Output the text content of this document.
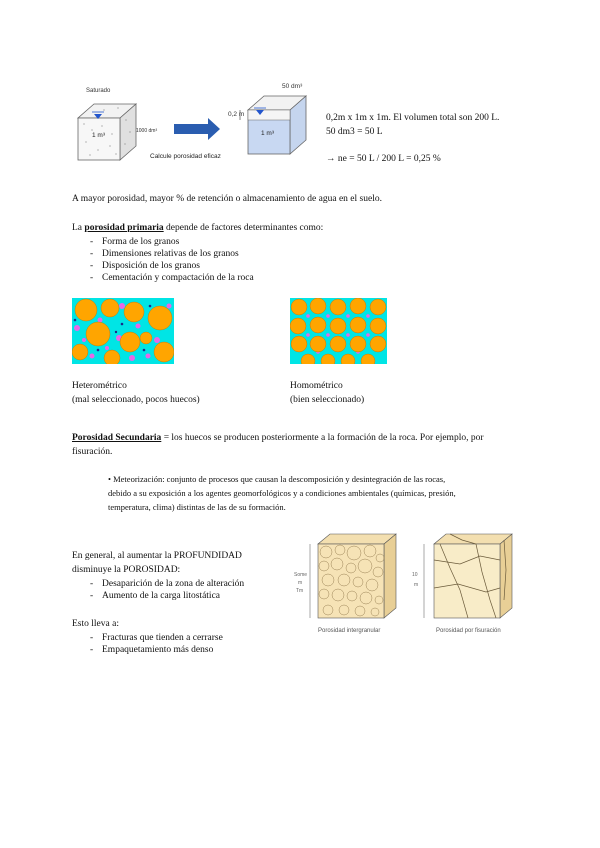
Saturado
1 m³
1000 dm³
Calcule porosidad eficaz
50 dm³
0,2 m
1 m³
0,2m x 1m x 1m. El volumen total son 200 L.
50 dm3 = 50 L
→ ne = 50 L / 200 L = 0,25 %
A mayor porosidad, mayor % de retención o almacenamiento de agua en el suelo.
La porosidad primaria depende de factores determinantes como:
- Forma de los granos
- Dimensiones relativas de los granos
- Disposición de los granos
- Cementación y compactación de la roca
Heterométrico
(mal seleccionado, pocos huecos)
Homométrico
(bien seleccionado)
Porosidad Secundaria = los huecos se producen posteriormente a la formación de la roca. Por ejemplo, por
fisuración.
• Meteorización: conjunto de procesos que causan la descomposición y desintegración de las rocas,
debido a su exposición a los agentes geomorfológicos y a condiciones ambientales (químicas, presión,
temperatura, clima) distintas de las de su formación.
En general, al aumentar la PROFUNDIDAD
disminuye la POROSIDAD:
- Desaparición de la zona de alteración
- Aumento de la carga litostática
Esto lleva a:
- Fracturas que tienden a cerrarse
- Empaquetamiento más denso
Some
m
Tm
10
m
Porosidad intergranular	Porosidad por fisuración
